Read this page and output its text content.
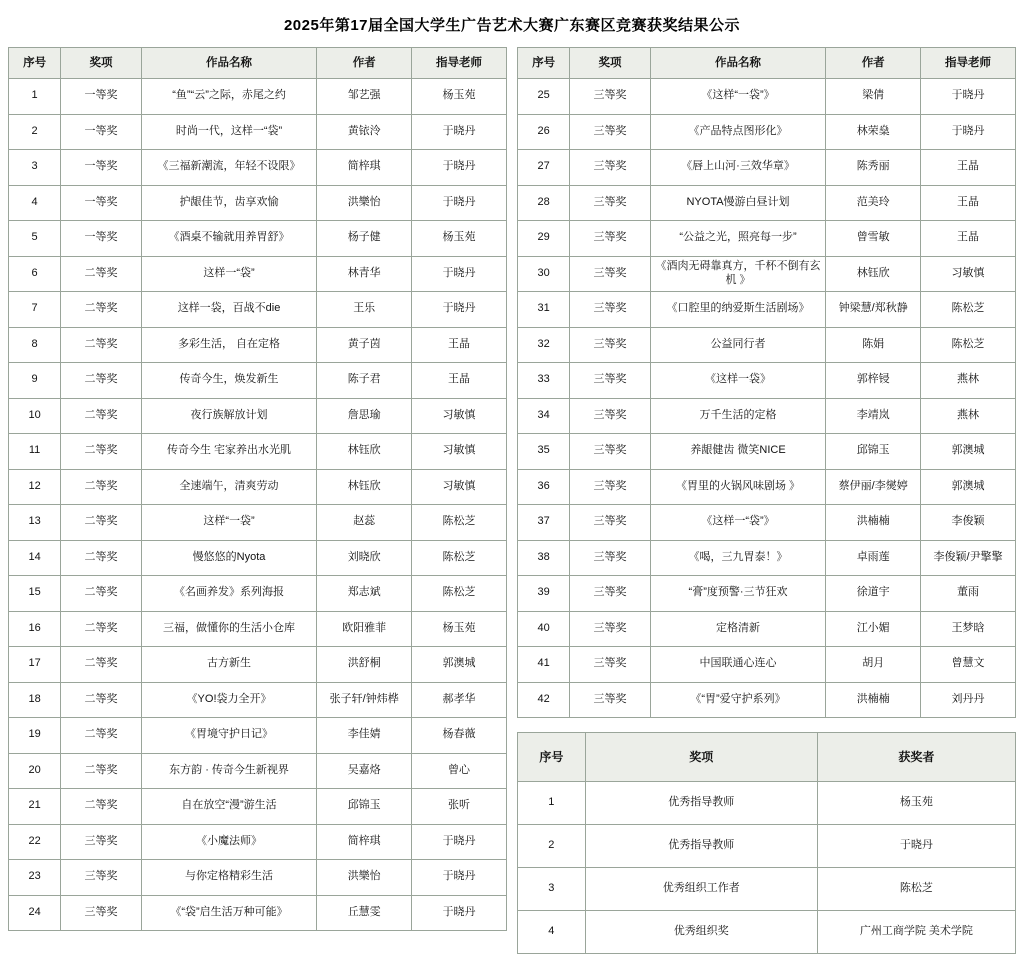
2025年第17届全国大学生广告艺术大赛广东赛区竞赛获奖结果公示
序号	奖项	作品名称	作者	指导老师
1	一等奖	“鱼”“云”之际，赤尾之约	邹艺强	杨玉苑
2	一等奖	时尚一代，这样一“袋”	黄铱泠	于晓丹
3	一等奖	《三福新潮流，年轻不设限》	简梓琪	于晓丹
4	一等奖	护龈佳节，齿享欢愉	洪樂怡	于晓丹
5	一等奖	《酒桌不输就用养胃舒》	杨子健	杨玉苑
6	二等奖	这样一“袋”	林青华	于晓丹
7	二等奖	这样一袋，百战不die	王乐	于晓丹
8	二等奖	多彩生活， 自在定格	黄子茵	王晶
9	二等奖	传奇今生，焕发新生	陈子君	王晶
10	二等奖	夜行族解放计划	詹思瑜	习敏慎
11	二等奖	传奇今生 宅家养出水光肌	林钰欣	习敏慎
12	二等奖	全速端午，清爽劳动	林钰欣	习敏慎
13	二等奖	这样“一袋”	赵蕊	陈松芝
14	二等奖	慢悠悠的Nyota	刘晓欣	陈松芝
15	二等奖	《名画养发》系列海报	郑志斌	陈松芝
16	二等奖	三福，做懂你的生活小仓库	欧阳雅菲	杨玉苑
17	二等奖	古方新生	洪舒桐	郭澳城
18	二等奖	《YO!袋力全开》	张子轩/钟炜桦	郝孝华
19	二等奖	《胃境守护日记》	李佳婧	杨春薇
20	二等奖	东方韵 · 传奇今生新视界	吴嘉烙	曾心
21	二等奖	自在放空“漫”游生活	邱锦玉	张听
22	三等奖	《小魔法师》	简梓琪	于晓丹
23	三等奖	与你定格精彩生活	洪樂怡	于晓丹
24	三等奖	《“袋”启生活万种可能》	丘慧雯	于晓丹
序号	奖项	作品名称	作者	指导老师
25	三等奖	《这样“一袋”》	梁倩	于晓丹
26	三等奖	《产品特点图形化》	林荣燊	于晓丹
27	三等奖	《唇上山河·三效华章》	陈秀丽	王晶
28	三等奖	NYOTA慢游白昼计划	范美玲	王晶
29	三等奖	“公益之光，照亮每一步”	曾雪敏	王晶
30	三等奖	《酒肉无碍靠真方，千杯不倒有玄机 》	林钰欣	习敏慎
31	三等奖	《口腔里的纳爱斯生活剧场》	钟梁慧/郑秋静	陈松芝
32	三等奖	公益同行者	陈娟	陈松芝
33	三等奖	《这样一袋》	郭梓锓	燕林
34	三等奖	万千生活的定格	李靖岚	燕林
35	三等奖	养龈健齿 微笑NICE	邱锦玉	郭澳城
36	三等奖	《胃里的火锅风味剧场 》	蔡伊丽/李爕婷	郭澳城
37	三等奖	《这样一“袋”》	洪楠楠	李俊颖
38	三等奖	《喝，三九胃泰！》	卓雨莲	李俊颖/尹擎擎
39	三等奖	“膏”度预警·三节狂欢	徐道宇	董雨
40	三等奖	定格清新	江小媚	王梦晗
41	三等奖	中国联通心连心	胡月	曾慧文
42	三等奖	《“胃”爱守护系列》	洪楠楠	刘丹丹
序号	奖项	获奖者
1	优秀指导教师	杨玉苑
2	优秀指导教师	于晓丹
3	优秀组织工作者	陈松芝
4	优秀组织奖	广州工商学院 美术学院
